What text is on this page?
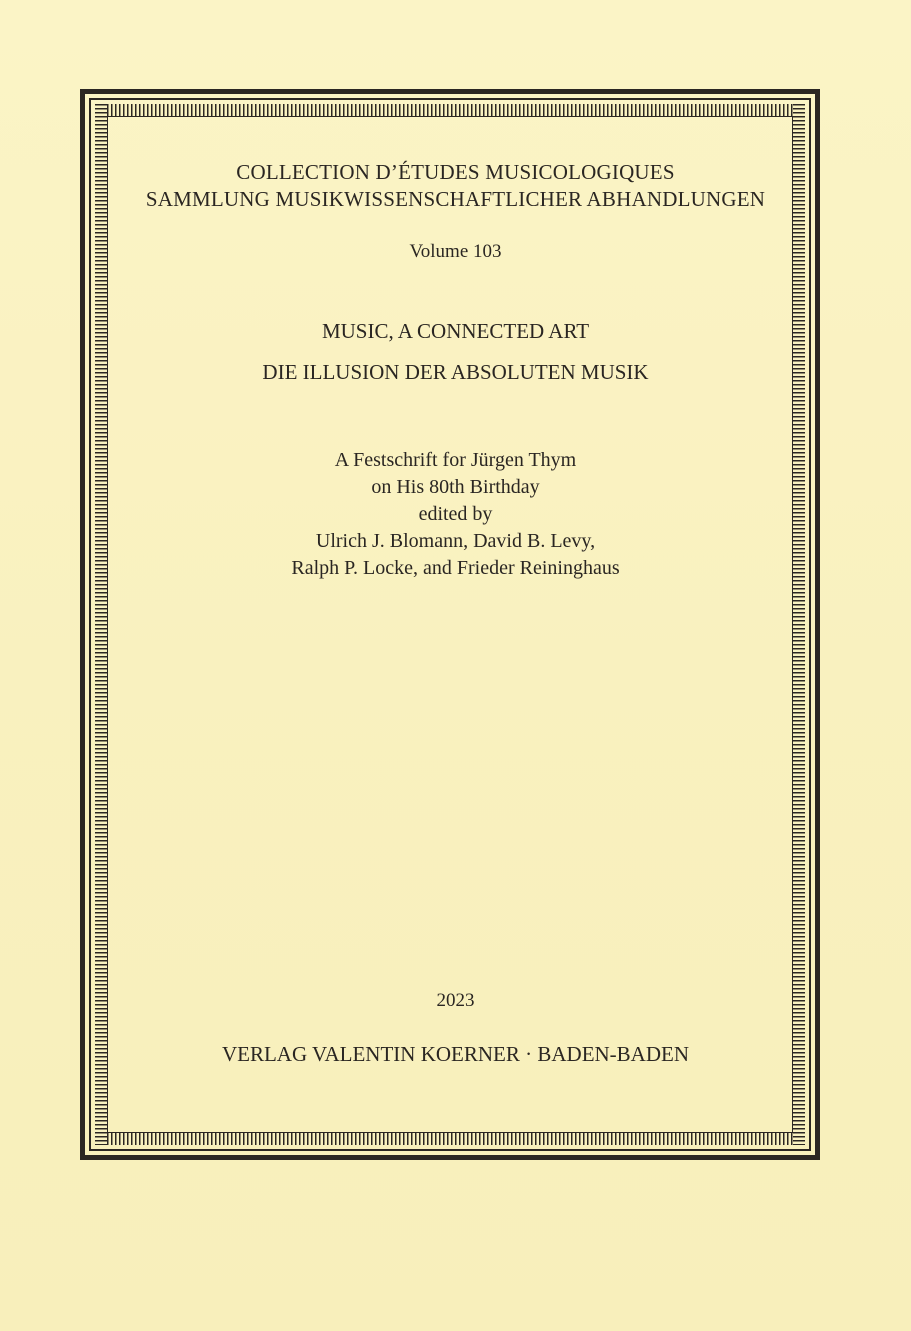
COLLECTION D’ÉTUDES MUSICOLOGIQUES
SAMMLUNG MUSIKWISSENSCHAFTLICHER ABHANDLUNGEN
Volume 103
MUSIC, A CONNECTED ART
DIE ILLUSION DER ABSOLUTEN MUSIK
A Festschrift for Jürgen Thym
on His 80th Birthday
edited by
Ulrich J. Blomann, David B. Levy,
Ralph P. Locke, and Frieder Reininghaus
2023
VERLAG VALENTIN KOERNER · BADEN-BADEN
